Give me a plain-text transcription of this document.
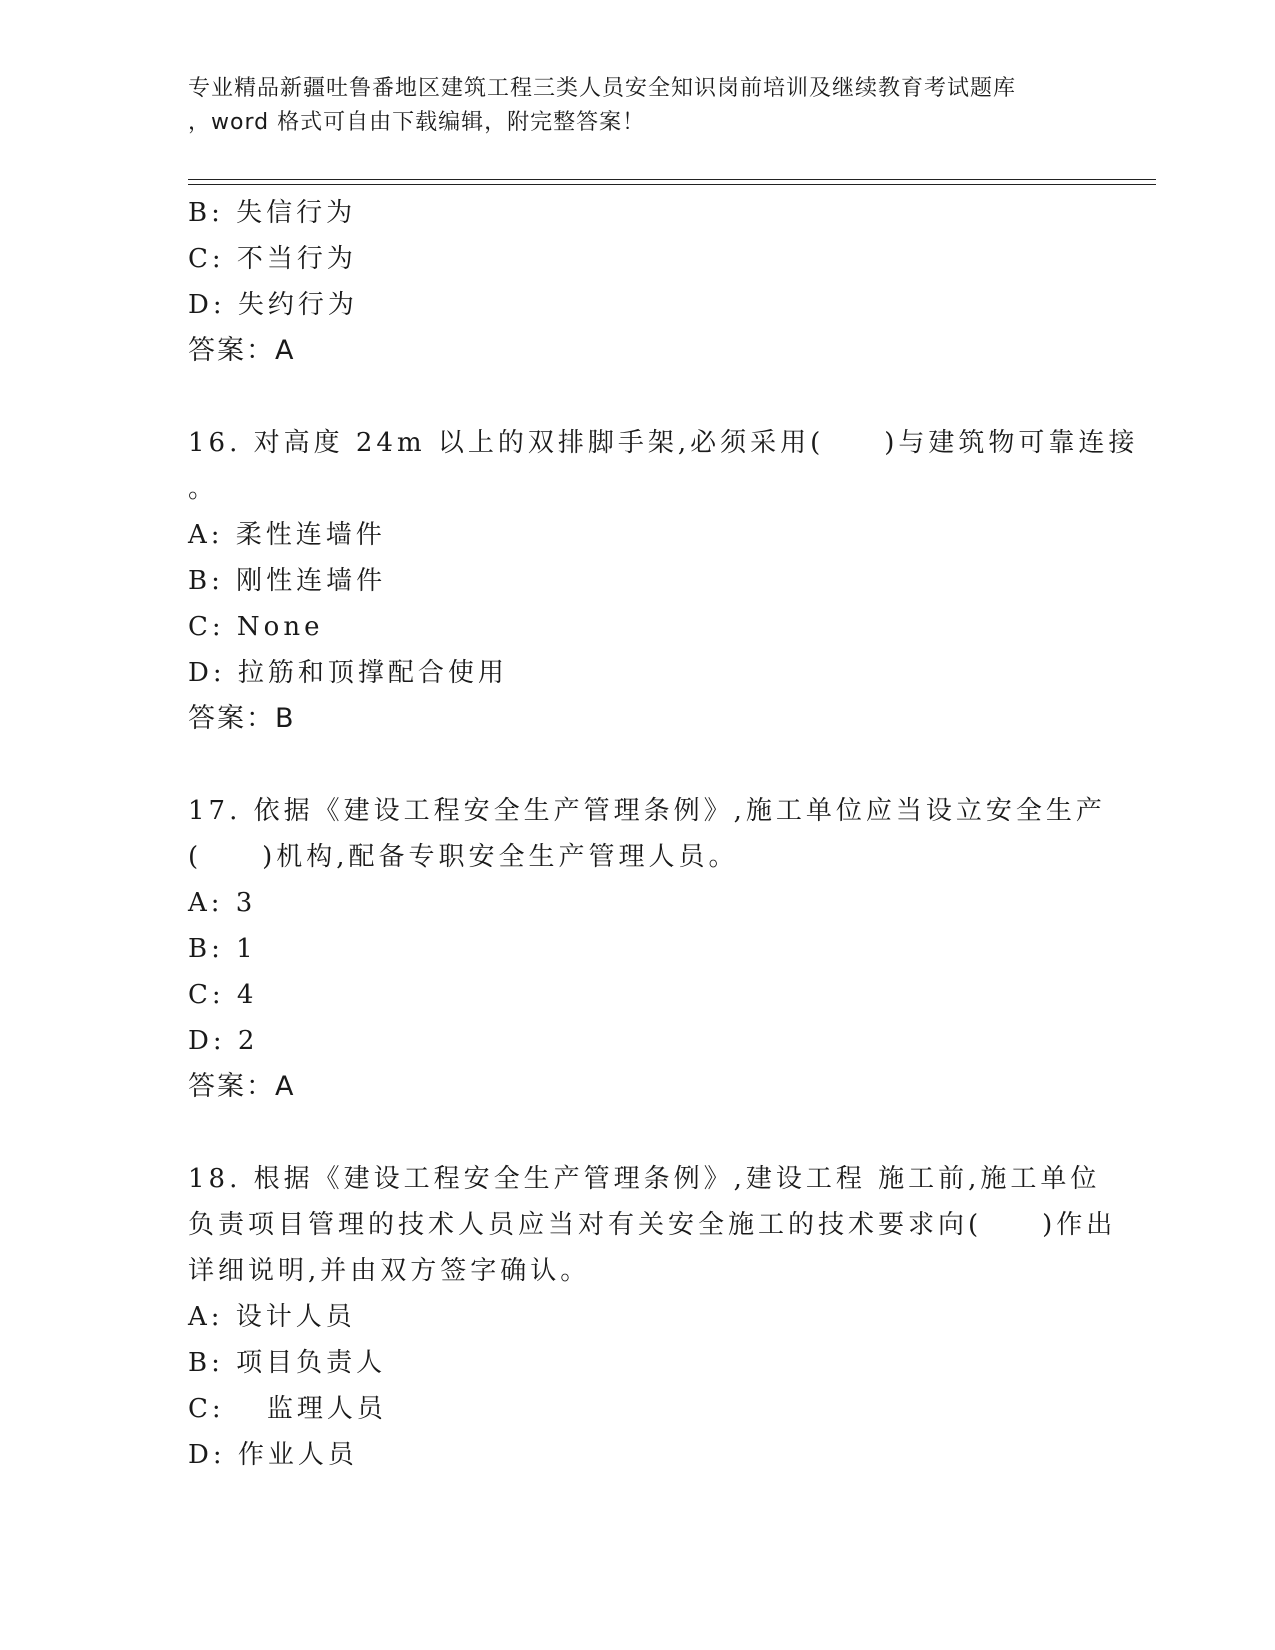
专业精品新疆吐鲁番地区建筑工程三类人员安全知识岗前培训及继续教育考试题库
，word 格式可自由下载编辑，附完整答案！
B: 失信行为
C: 不当行为
D: 失约行为
答案：A
16. 对高度 24m 以上的双排脚手架,必须采用(　　)与建筑物可靠连接
。
A: 柔性连墙件
B: 刚性连墙件
C: None
D: 拉筋和顶撑配合使用
答案：B
17. 依据《建设工程安全生产管理条例》,施工单位应当设立安全生产
(　　)机构,配备专职安全生产管理人员。
A: 3
B: 1
C: 4
D: 2
答案：A
18. 根据《建设工程安全生产管理条例》,建设工程 施工前,施工单位
负责项目管理的技术人员应当对有关安全施工的技术要求向(　　)作出
详细说明,并由双方签字确认。
A: 设计人员
B: 项目负责人
C: 　监理人员
D: 作业人员
